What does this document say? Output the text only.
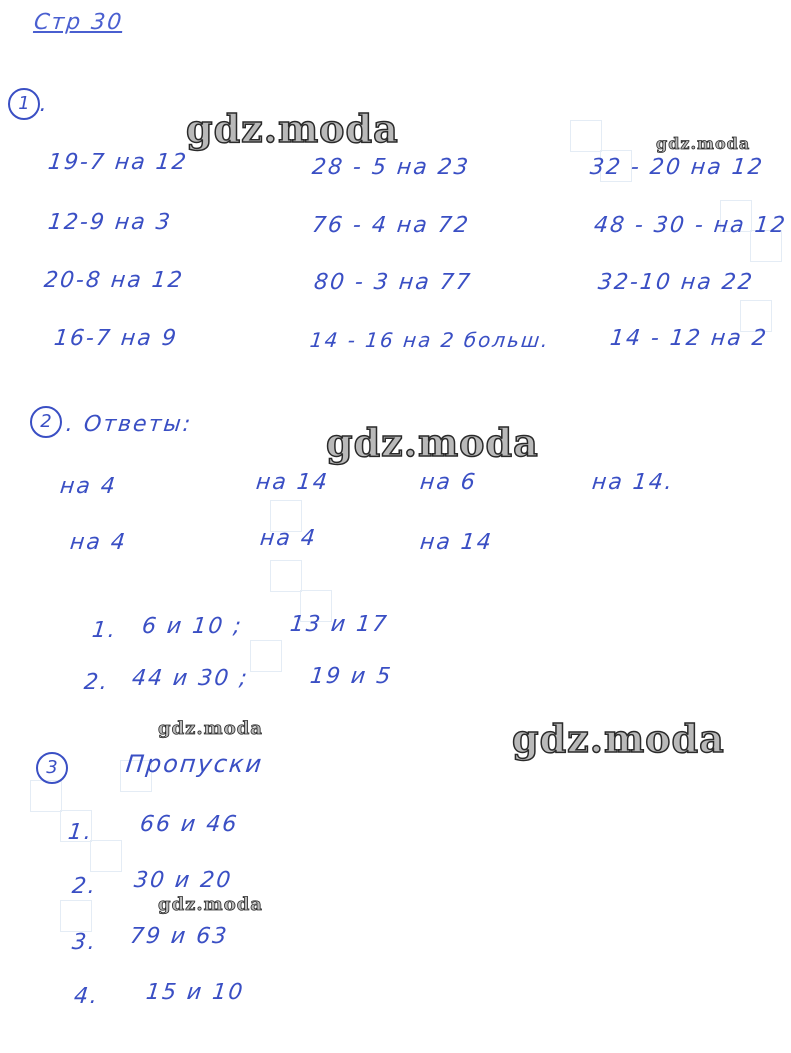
Стр 30
1 .
19-7 на 12	28 - 5 на 23	32 - 20 на 12
12-9 на 3	76 - 4 на 72	48 - 30 - на 12
20-8 на 12	80 - 3 на 77	32-10 на 22
16-7 на 9	14 - 16 на 2 больш.	14 - 12 на 2
2 . Ответы:
на 4	на 14	на 6	на 14.
на 4	на 4	на 14
1. 6 и 10 ; 13 и 17
2. 44 и 30 ;	19 и 5
3	Пропуски
1. 66 и 46
2. 30 и 20
3. 79 и 63
4. 15 и 10
gdz.moda	gdz.moda
gdz.moda
gdz.moda	gdz.moda
gdz.moda
